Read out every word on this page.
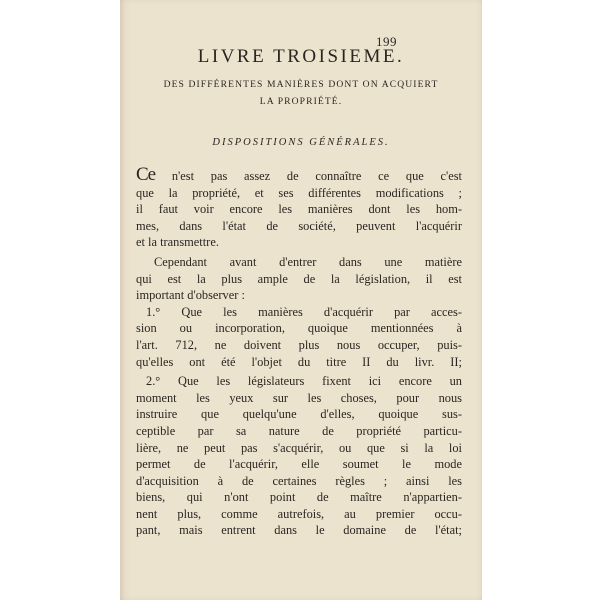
199
LIVRE TROISIEME.
DES DIFFÉRENTES MANIÈRES DONT ON ACQUIERT
LA PROPRIÉTÉ.
DISPOSITIONS GÉNÉRALES.
Ce n'est pas assez de connaître ce que c'est
que la propriété, et ses différentes modifications ;
il faut voir encore les manières dont les hom-
mes, dans l'état de société, peuvent l'acquérir
et la transmettre.
Cependant avant d'entrer dans une matière
qui est la plus ample de la législation, il est
important d'observer :
1.° Que les manières d'acquérir par acces-
sion ou incorporation, quoique mentionnées à
l'art. 712, ne doivent plus nous occuper, puis-
qu'elles ont été l'objet du titre II du livr. II;
2.° Que les législateurs fixent ici encore un
moment les yeux sur les choses, pour nous
instruire que quelqu'une d'elles, quoique sus-
ceptible par sa nature de propriété particu-
lière, ne peut pas s'acquérir, ou que si la loi
permet de l'acquérir, elle soumet le mode
d'acquisition à de certaines règles ; ainsi les
biens, qui n'ont point de maître n'appartien-
nent plus, comme autrefois, au premier occu-
pant, mais entrent dans le domaine de l'état;
